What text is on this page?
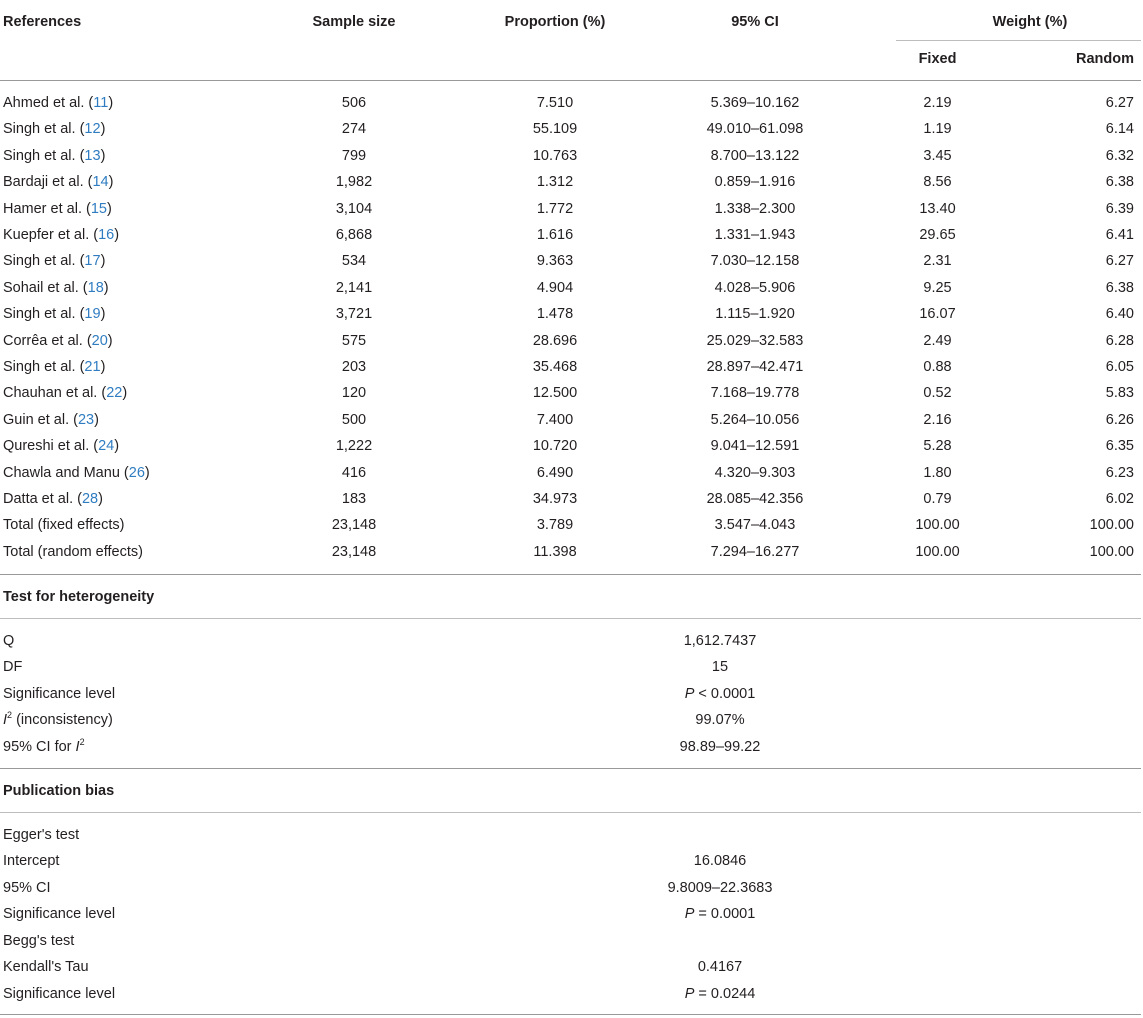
References	Sample size	Proportion (%)	95% CI	Weight (%)
Fixed	Random
Ahmed et al. (11)	506	7.510	5.369–10.162	2.19	6.27
Singh et al. (12)	274	55.109	49.010–61.098	1.19	6.14
Singh et al. (13)	799	10.763	8.700–13.122	3.45	6.32
Bardaji et al. (14)	1,982	1.312	0.859–1.916	8.56	6.38
Hamer et al. (15)	3,104	1.772	1.338–2.300	13.40	6.39
Kuepfer et al. (16)	6,868	1.616	1.331–1.943	29.65	6.41
Singh et al. (17)	534	9.363	7.030–12.158	2.31	6.27
Sohail et al. (18)	2,141	4.904	4.028–5.906	9.25	6.38
Singh et al. (19)	3,721	1.478	1.115–1.920	16.07	6.40
Corrêa et al. (20)	575	28.696	25.029–32.583	2.49	6.28
Singh et al. (21)	203	35.468	28.897–42.471	0.88	6.05
Chauhan et al. (22)	120	12.500	7.168–19.778	0.52	5.83
Guin et al. (23)	500	7.400	5.264–10.056	2.16	6.26
Qureshi et al. (24)	1,222	10.720	9.041–12.591	5.28	6.35
Chawla and Manu (26)	416	6.490	4.320–9.303	1.80	6.23
Datta et al. (28)	183	34.973	28.085–42.356	0.79	6.02
Total (fixed effects)	23,148	3.789	3.547–4.043	100.00	100.00
Total (random effects)	23,148	11.398	7.294–16.277	100.00	100.00
Test for heterogeneity
Q	1,612.7437
DF	15
Significance level	P < 0.0001
$I^2$ (inconsistency)	99.07%
95% CI for $I^2$	98.89–99.22
Publication bias
Egger's test
Intercept	16.0846
95% CI	9.8009–22.3683
Significance level	P = 0.0001
Begg's test
Kendall's Tau	0.4167
Significance level	P = 0.0244
